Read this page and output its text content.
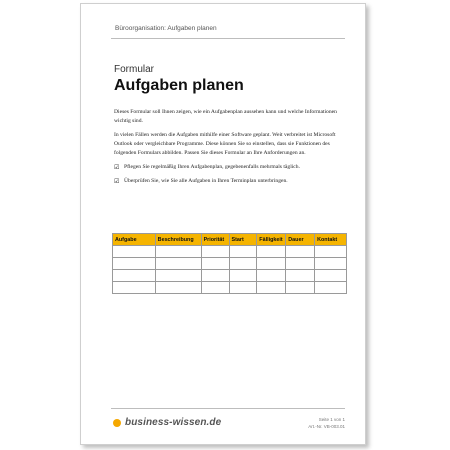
Büroorganisation: Aufgaben planen
Formular
Aufgaben planen

Dieses Formular soll Ihnen zeigen, wie ein Aufgabenplan aussehen kann und welche Informationen wichtig sind.

In vielen Fällen werden die Aufgaben mithilfe einer Software geplant. Weit verbreitet ist Microsoft Outlook oder vergleichbare Programme. Diese können Sie so einstellen, dass sie Funktionen des folgenden Formulars abbilden. Passen Sie dieses Formular an Ihre Anforderungen an.

☑ Pflegen Sie regelmäßig Ihren Aufgabenplan, gegebenenfalls mehrmals täglich.
☑ Überprüfen Sie, wie Sie alle Aufgaben in Ihren Terminplan unterbringen.
Aufgabe	Beschreibung	Priorität	Start	Fälligkeit	Dauer	Kontakt

business-wissen.de	Seite 1 von 1
Art.-Nr. VB-003.01
